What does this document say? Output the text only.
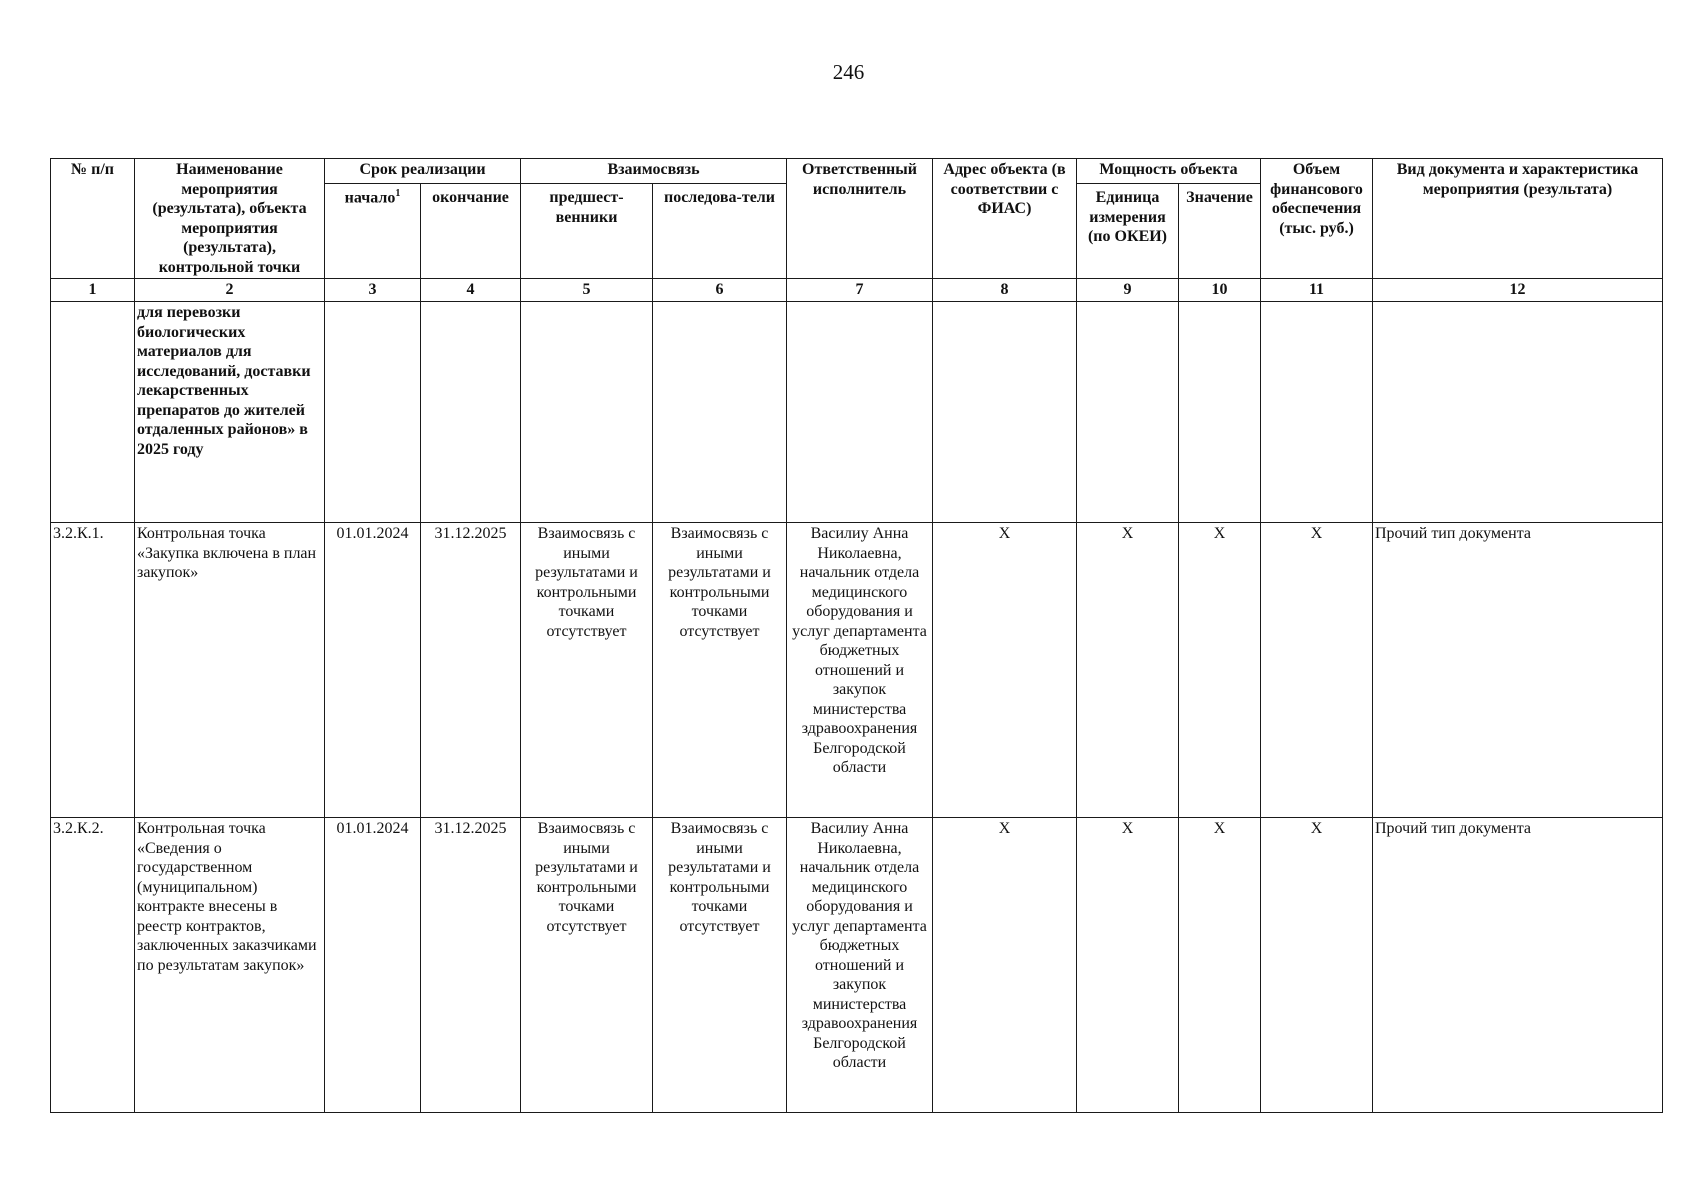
246
№ п/п	Наименование мероприятия (результата), объекта мероприятия (результата), контрольной точки	Срок реализации		Взаимосвязь		Ответственный исполнитель	Адрес объекта (в соответствии с ФИАС)	Мощность объекта		Объем финансового обеспечения (тыс. руб.)	Вид документа и характеристика мероприятия (результата)
		начало$^1$	окончание	предшест-венники	последова-тели			Единица измерения (по ОКЕИ)	Значение		
1	2	3	4	5	6	7	8	9	10	11	12
	для перевозки биологических материалов для исследований, доставки лекарственных препаратов до жителей отдаленных районов» в 2025 году										
3.2.К.1.	Контрольная точка «Закупка включена в план закупок»	01.01.2024	31.12.2025	Взаимосвязь с иными результатами и контрольными точками отсутствует	Взаимосвязь с иными результатами и контрольными точками отсутствует	Василиу Анна Николаевна, начальник отдела медицинского оборудования и услуг департамента бюджетных отношений и закупок министерства здравоохранения Белгородской области	Х	Х	Х	Х	Прочий тип документа
3.2.К.2.	Контрольная точка «Сведения о государственном (муниципальном) контракте внесены в реестр контрактов, заключенных заказчиками по результатам закупок»	01.01.2024	31.12.2025	Взаимосвязь с иными результатами и контрольными точками отсутствует	Взаимосвязь с иными результатами и контрольными точками отсутствует	Василиу Анна Николаевна, начальник отдела медицинского оборудования и услуг департамента бюджетных отношений и закупок министерства здравоохранения Белгородской области	Х	Х	Х	Х	Прочий тип документа
